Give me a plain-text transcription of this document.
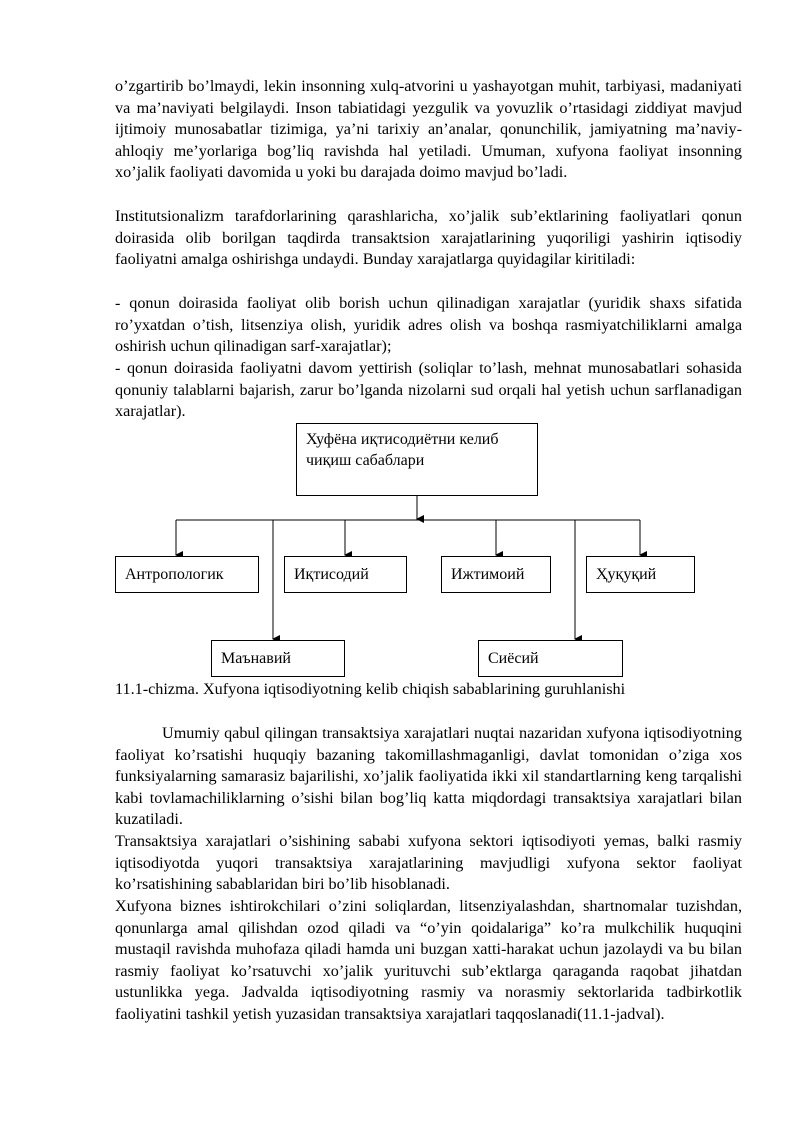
o’zgartirib bo’lmaydi, lekin insonning xulq-atvorini u yashayotgan muhit, tarbiyasi, madaniyati va ma’naviyati belgilaydi. Inson tabiatidagi yezgulik va yovuzlik o’rtasidagi ziddiyat mavjud ijtimoiy munosabatlar tizimiga, ya’ni tarixiy an’analar, qonunchilik, jamiyatning ma’naviy-ahloqiy me’yorlariga bog’liq ravishda hal yetiladi. Umuman, xufyona faoliyat insonning xo’jalik faoliyati davomida u yoki bu darajada doimo mavjud bo’ladi.

Institutsionalizm tarafdorlarining qarashlaricha, xo’jalik sub’ektlarining faoliyatlari qonun doirasida olib borilgan taqdirda transaktsion xarajatlarining yuqoriligi yashirin iqtisodiy faoliyatni amalga oshirishga undaydi. Bunday xarajatlarga quyidagilar kiritiladi:

- qonun doirasida faoliyat olib borish uchun qilinadigan xarajatlar (yuridik shaxs sifatida ro’yxatdan o’tish, litsenziya olish, yuridik adres olish va boshqa rasmiyatchiliklarni amalga oshirish uchun qilinadigan sarf-xarajatlar);

- qonun doirasida faoliyatni davom yettirish (soliqlar to’lash, mehnat munosabatlari sohasida qonuniy talablarni bajarish, zarur bo’lganda nizolarni sud orqali hal yetish uchun sarflanadigan xarajatlar).

Хуфёна иқтисодиётни келиб чиқиш сабаблари
Антропологик	Иқтисодий	Ижтимоий	Ҳуқуқий
Маънавий	Сиёсий

11.1-chizma. Xufyona iqtisodiyotning kelib chiqish sabablarining guruhlanishi

Umumiy qabul qilingan transaktsiya xarajatlari nuqtai nazaridan xufyona iqtisodiyotning faoliyat ko’rsatishi huquqiy bazaning takomillashmaganligi, davlat tomonidan o’ziga xos funksiyalarning samarasiz bajarilishi, xo’jalik faoliyatida ikki xil standartlarning keng tarqalishi kabi tovlamachiliklarning o’sishi bilan bog’liq katta miqdordagi transaktsiya xarajatlari bilan kuzatiladi.

Transaktsiya xarajatlari o’sishining sababi xufyona sektori iqtisodiyoti yemas, balki rasmiy iqtisodiyotda yuqori transaktsiya xarajatlarining mavjudligi xufyona sektor faoliyat ko’rsatishining sabablaridan biri bo’lib hisoblanadi.

Xufyona biznes ishtirokchilari o’zini soliqlardan, litsenziyalashdan, shartnomalar tuzishdan, qonunlarga amal qilishdan ozod qiladi va “o’yin qoidalariga” ko’ra mulkchilik huquqini mustaqil ravishda muhofaza qiladi hamda uni buzgan xatti-harakat uchun jazolaydi va bu bilan rasmiy faoliyat ko’rsatuvchi xo’jalik yurituvchi sub’ektlarga qaraganda raqobat jihatdan ustunlikka yega. Jadvalda iqtisodiyotning rasmiy va norasmiy sektorlarida tadbirkotlik faoliyatini tashkil yetish yuzasidan transaktsiya xarajatlari taqqoslanadi(11.1-jadval).
